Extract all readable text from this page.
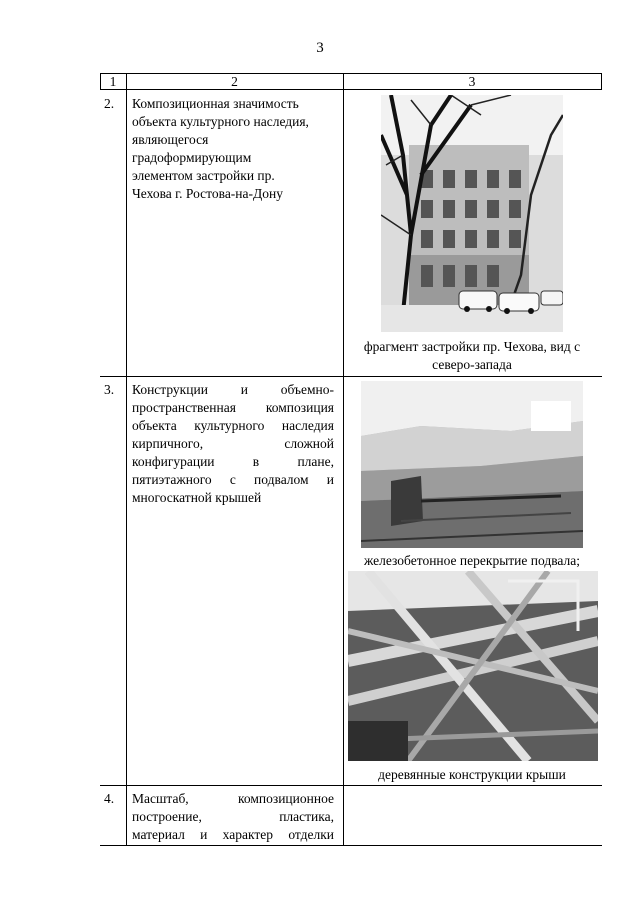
3
1	2	3
2. Композиционная значимость
объекта культурного наследия,
являющегося
градоформирующим
элементом застройки пр.
Чехова г. Ростова-на-Дону
фрагмент застройки пр. Чехова, вид с
северо-запада
3. Конструкции и объемно-
пространственная композиция
объекта культурного наследия
кирпичного, сложной
конфигурации в плане,
пятиэтажного с подвалом и
многоскатной крышей
железобетонное перекрытие подвала;
деревянные конструкции крыши
4. Масштаб, композиционное
построение, пластика,
материал и характер отделки
